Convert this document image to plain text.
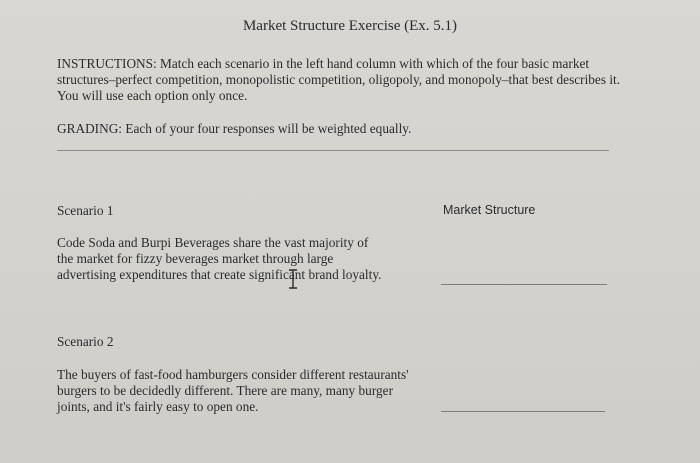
Market Structure Exercise (Ex. 5.1)
INSTRUCTIONS: Match each scenario in the left hand column with which of the four basic market structures–perfect competition, monopolistic competition, oligopoly, and monopoly–that best describes it. You will use each option only once.
GRADING: Each of your four responses will be weighted equally.
Scenario 1	Market Structure
Code Soda and Burpi Beverages share the vast majority of
the market for fizzy beverages market through large
advertising expenditures that create significant brand loyalty.
Scenario 2
The buyers of fast-food hamburgers consider different restaurants'
burgers to be decidedly different. There are many, many burger
joints, and it's fairly easy to open one.
